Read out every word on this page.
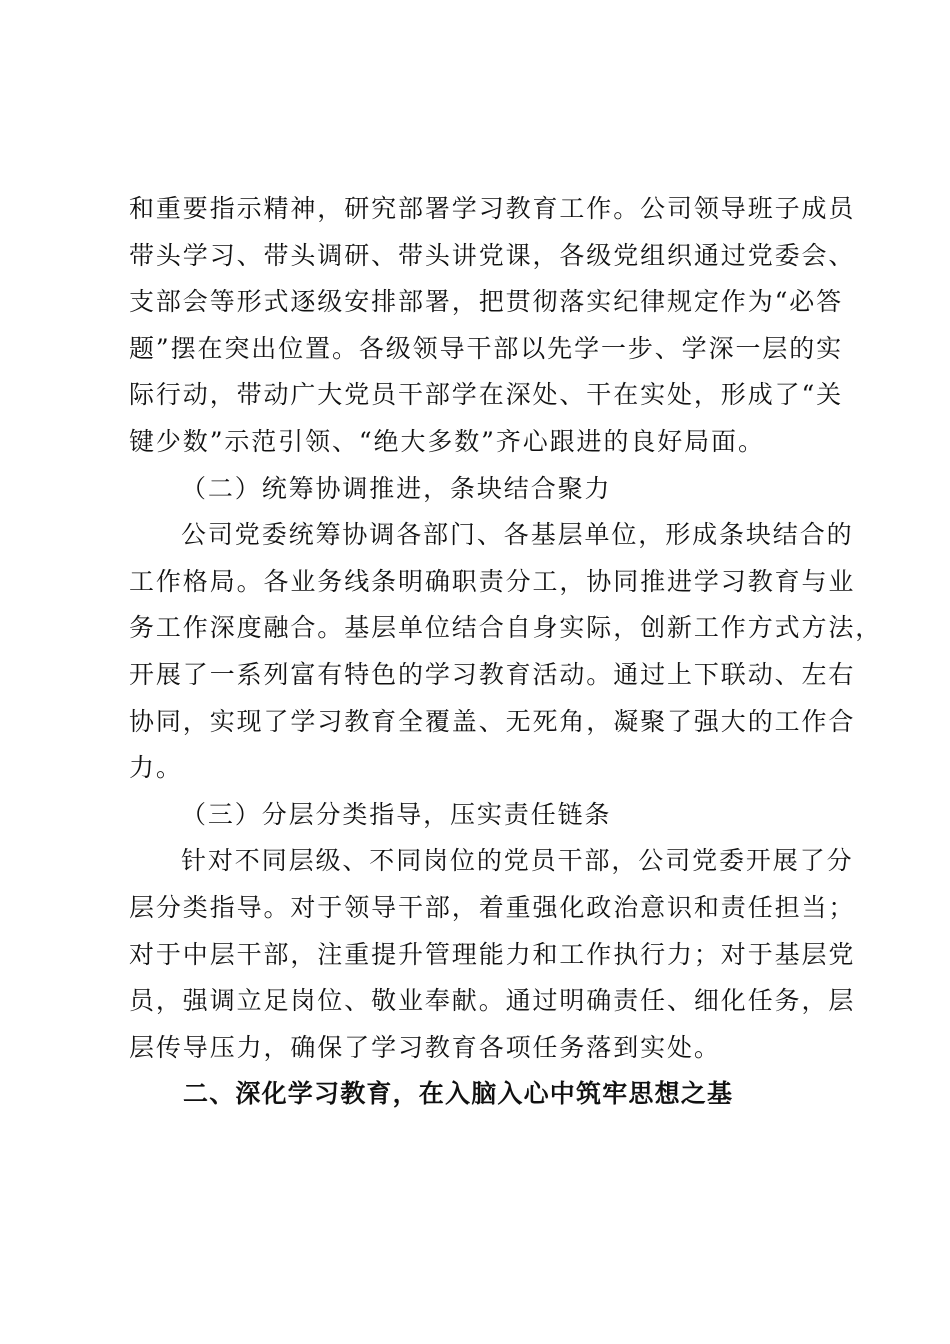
和重要指示精神，研究部署学习教育工作。公司领导班子成员
带头学习、带头调研、带头讲党课，各级党组织通过党委会、
支部会等形式逐级安排部署，把贯彻落实纪律规定作为“必答
题”摆在突出位置。各级领导干部以先学一步、学深一层的实
际行动，带动广大党员干部学在深处、干在实处，形成了“关
键少数”示范引领、“绝大多数”齐心跟进的良好局面。
（二）统筹协调推进，条块结合聚力
公司党委统筹协调各部门、各基层单位，形成条块结合的
工作格局。各业务线条明确职责分工，协同推进学习教育与业
务工作深度融合。基层单位结合自身实际，创新工作方式方法，
开展了一系列富有特色的学习教育活动。通过上下联动、左右
协同，实现了学习教育全覆盖、无死角，凝聚了强大的工作合
力。
（三）分层分类指导，压实责任链条
针对不同层级、不同岗位的党员干部，公司党委开展了分
层分类指导。对于领导干部，着重强化政治意识和责任担当；
对于中层干部，注重提升管理能力和工作执行力；对于基层党
员，强调立足岗位、敬业奉献。通过明确责任、细化任务，层
层传导压力，确保了学习教育各项任务落到实处。
二、深化学习教育，在入脑入心中筑牢思想之基
